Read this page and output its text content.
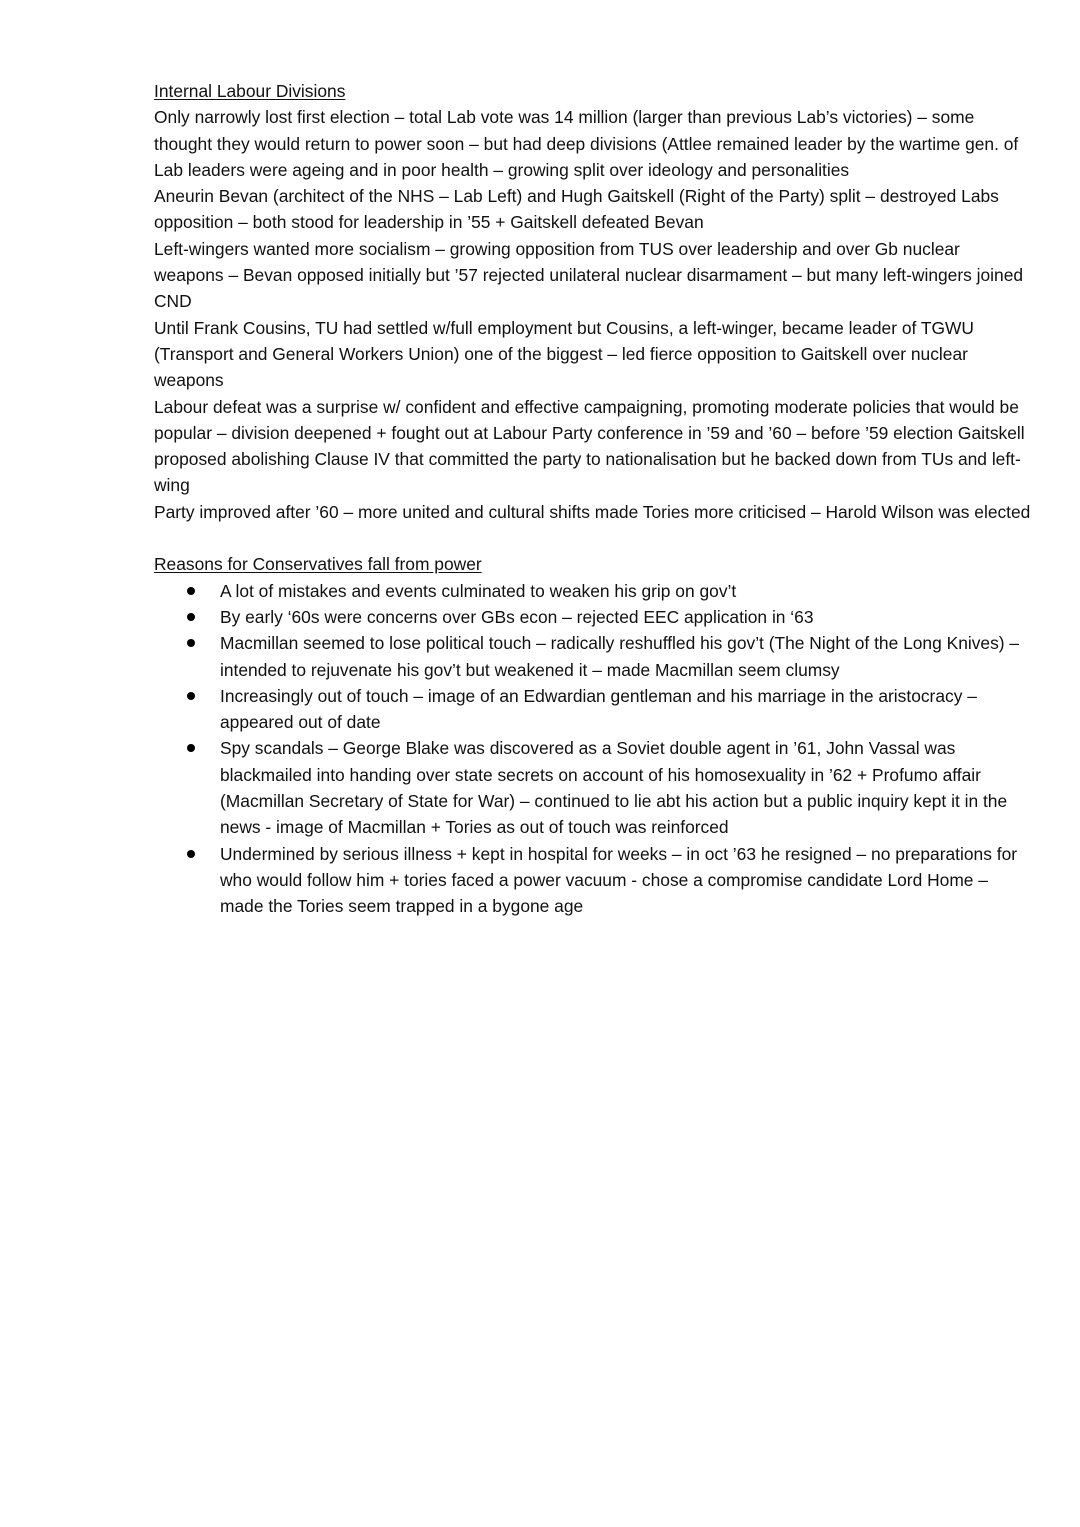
Internal Labour Divisions

Only narrowly lost first election – total Lab vote was 14 million (larger than previous Lab’s victories) – some thought they would return to power soon – but had deep divisions (Attlee remained leader by the wartime gen. of Lab leaders were ageing and in poor health – growing split over ideology and personalities

Aneurin Bevan (architect of the NHS – Lab Left) and Hugh Gaitskell (Right of the Party) split – destroyed Labs opposition – both stood for leadership in ’55 + Gaitskell defeated Bevan

Left-wingers wanted more socialism – growing opposition from TUS over leadership and over Gb nuclear weapons – Bevan opposed initially but ’57 rejected unilateral nuclear disarmament – but many left-wingers joined CND

Until Frank Cousins, TU had settled w/full employment but Cousins, a left-winger, became leader of TGWU (Transport and General Workers Union) one of the biggest – led fierce opposition to Gaitskell over nuclear weapons

Labour defeat was a surprise w/ confident and effective campaigning, promoting moderate policies that would be popular – division deepened + fought out at Labour Party conference in ’59 and ’60 – before ’59 election Gaitskell proposed abolishing Clause IV that committed the party to nationalisation but he backed down from TUs and left-wing

Party improved after ’60 – more united and cultural shifts made Tories more criticised – Harold Wilson was elected

Reasons for Conservatives fall from power
A lot of mistakes and events culminated to weaken his grip on gov’t
By early ‘60s were concerns over GBs econ – rejected EEC application in ‘63
Macmillan seemed to lose political touch – radically reshuffled his gov’t (The Night of the Long Knives) – intended to rejuvenate his gov’t but weakened it – made Macmillan seem clumsy
Increasingly out of touch – image of an Edwardian gentleman and his marriage in the aristocracy – appeared out of date
Spy scandals – George Blake was discovered as a Soviet double agent in ’61, John Vassal was blackmailed into handing over state secrets on account of his homosexuality in ’62 + Profumo affair (Macmillan Secretary of State for War) – continued to lie abt his action but a public inquiry kept it in the news - image of Macmillan + Tories as out of touch was reinforced
Undermined by serious illness + kept in hospital for weeks – in oct ’63 he resigned – no preparations for who would follow him + tories faced a power vacuum - chose a compromise candidate Lord Home – made the Tories seem trapped in a bygone age
